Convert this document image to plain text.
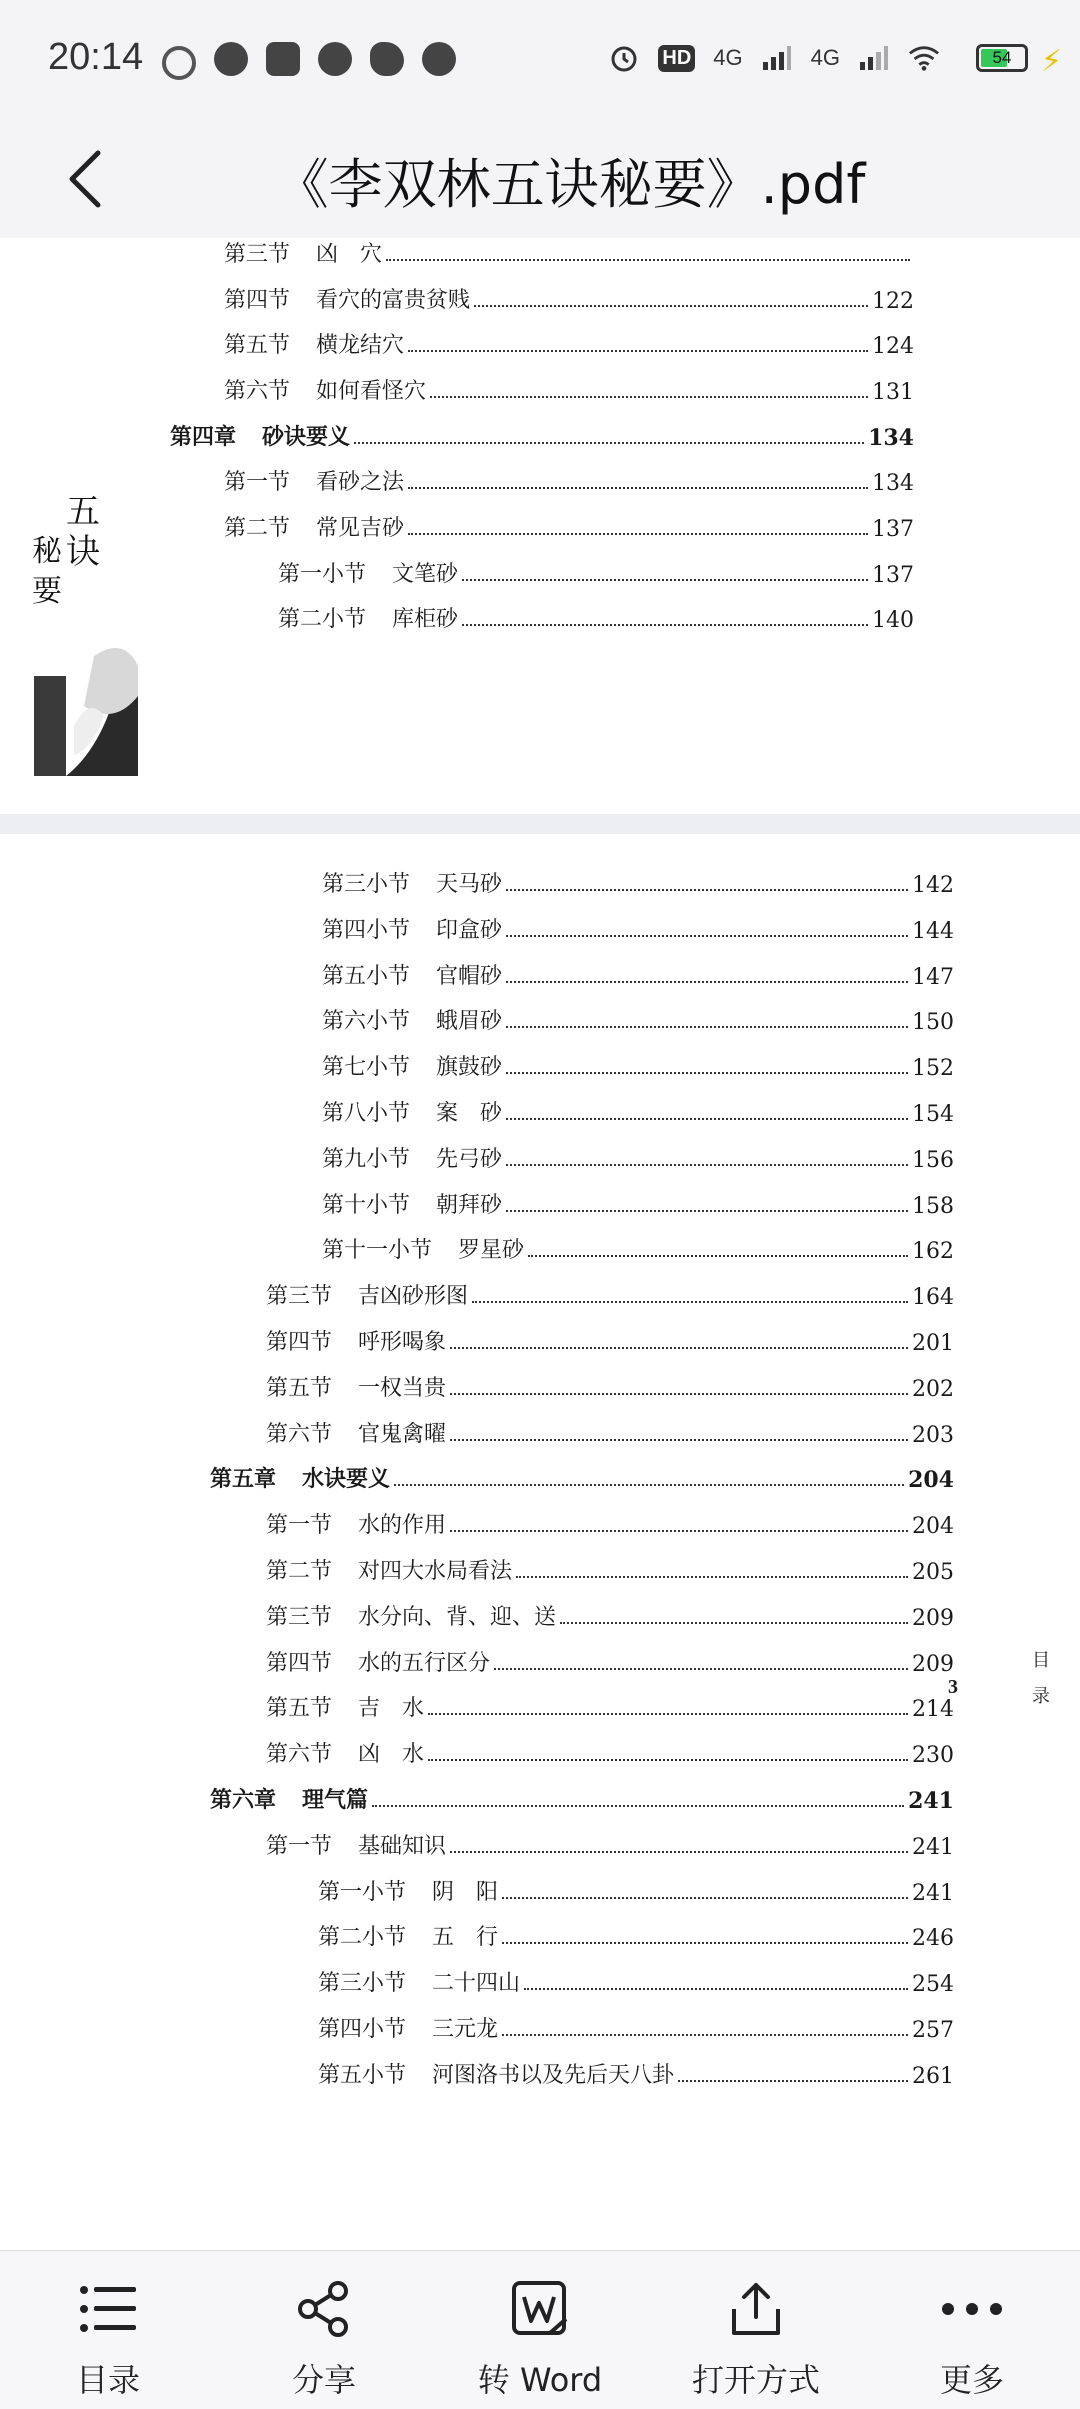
20:14	HD 4G	4G	54 ⚡
《李双林五诀秘要》.pdf
第三节 凶　穴
第四节 看穴的富贵贫贱	122
第五节 横龙结穴	124
第六节 如何看怪穴	131
第四章 砂诀要义	134
第一节 看砂之法	134
第二节 常见吉砂	137
第一小节 文笔砂	137
第二小节 库柜砂	140
五
诀
秘
要
第三小节 天马砂	142
第四小节 印盒砂	144
第五小节 官帽砂	147
第六小节 蛾眉砂	150
第七小节 旗鼓砂	152
第八小节 案　砂	154
第九小节 先弓砂	156
第十小节 朝拜砂	158
第十一小节 罗星砂	162
第三节 吉凶砂形图	164
第四节 呼形喝象	201
第五节 一权当贵	202
第六节 官鬼禽曜	203
第五章 水诀要义	204
第一节 水的作用	204
第二节 对四大水局看法	205
第三节 水分向、背、迎、送	209
第四节 水的五行区分	209
第五节 吉　水	214
第六节 凶　水	230
第六章 理气篇	241
第一节 基础知识	241
第一小节 阴　阳	241
第二小节 五　行	246
第三小节 二十四山	254
第四小节 三元龙	257
第五小节 河图洛书以及先后天八卦	261
目
录
3
目录	分享	转 Word	打开方式	更多
